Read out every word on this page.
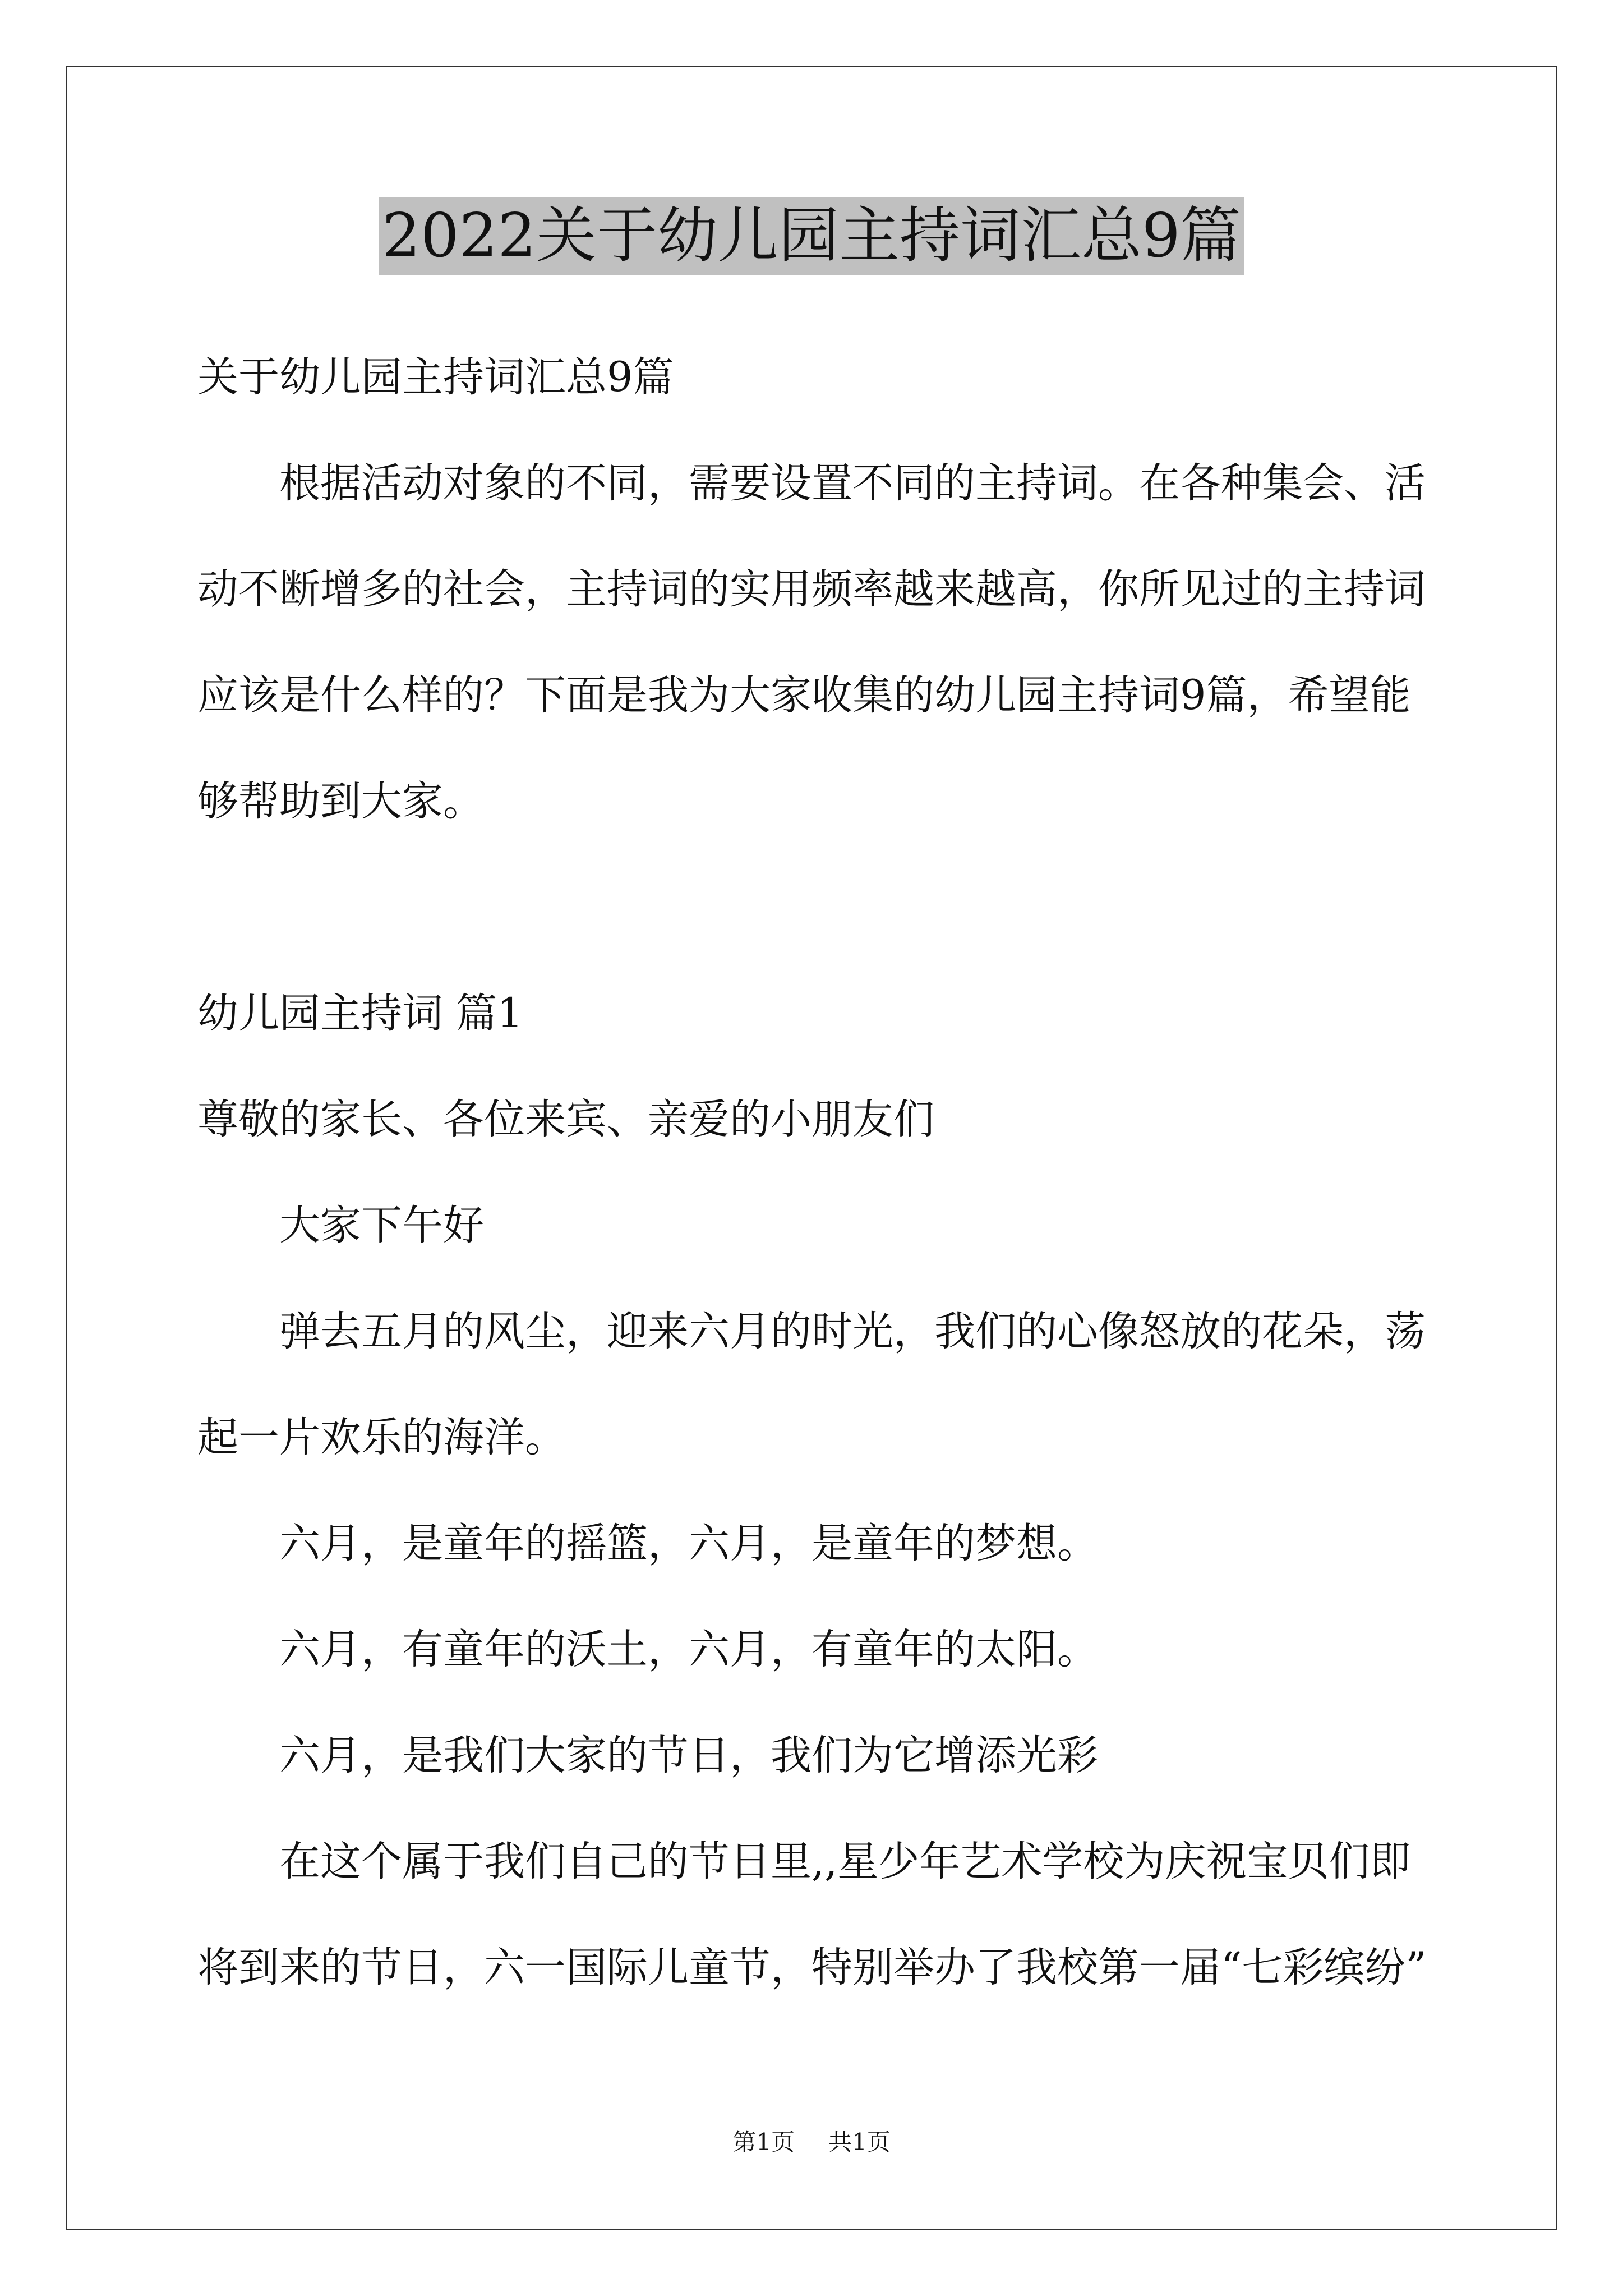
2022关于幼儿园主持词汇总9篇
关于幼儿园主持词汇总9篇
根据活动对象的不同，需要设置不同的主持词。在各种集会、活
动不断增多的社会，主持词的实用频率越来越高，你所见过的主持词
应该是什么样的？下面是我为大家收集的幼儿园主持词9篇，希望能
够帮助到大家。
幼儿园主持词 篇1
尊敬的家长、各位来宾、亲爱的小朋友们
大家下午好
弹去五月的风尘，迎来六月的时光，我们的心像怒放的花朵，荡
起一片欢乐的海洋。
六月，是童年的摇篮，六月，是童年的梦想。
六月，有童年的沃土，六月，有童年的太阳。
六月，是我们大家的节日，我们为它增添光彩
在这个属于我们自己的节日里,,星少年艺术学校为庆祝宝贝们即
将到来的节日，六一国际儿童节，特别举办了我校第一届“七彩缤纷”
第1页 共1页
